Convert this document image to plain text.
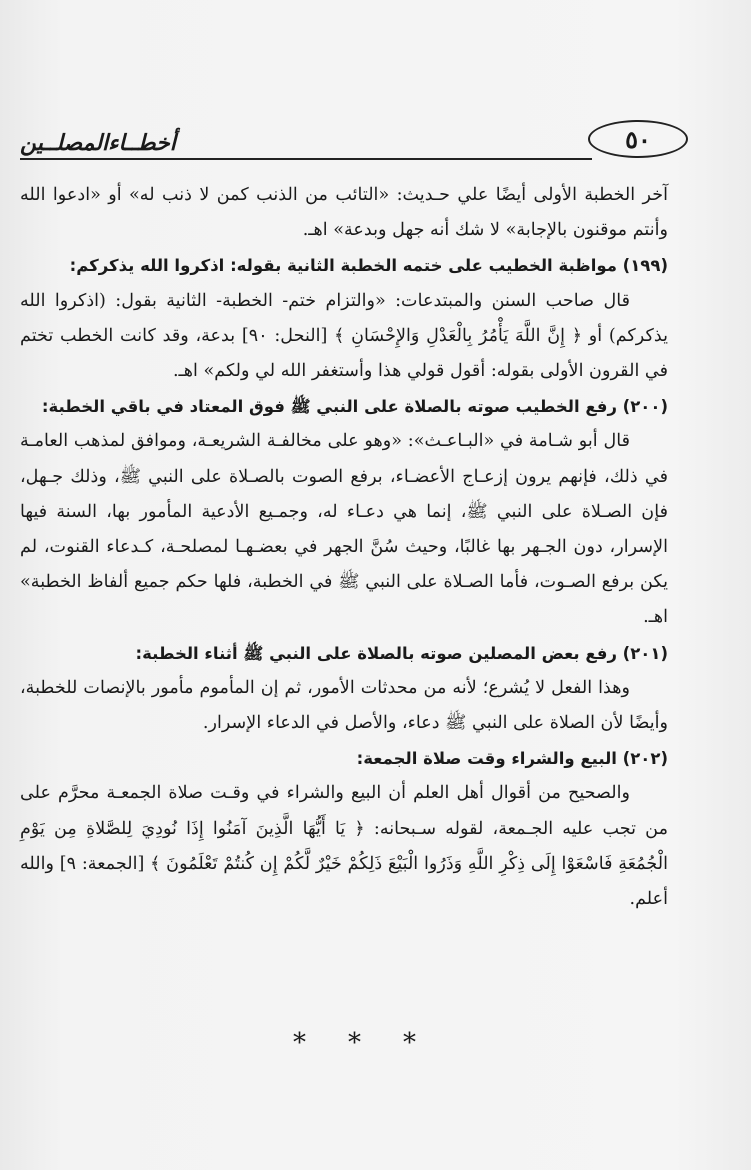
٥٠
أخطــاءالمصلــين

آخر الخطبة الأولى أيضًا علي حـديث: «التائب من الذنب كمن لا ذنب له» أو «ادعوا الله وأنتم موقنون بالإجابة» لا شك أنه جهل وبدعة» اهـ.

(١٩٩) مواظبة الخطيب على ختمه الخطبة الثانية بقوله: اذكروا الله يذكركم:

قال صاحب السنن والمبتدعات: «والتزام ختم- الخطبة- الثانية بقول: (اذكروا الله يذكركم) أو ﴿ إِنَّ اللَّهَ يَأْمُرُ بِالْعَدْلِ وَالإِحْسَانِ ﴾ [النحل: ٩٠] بدعة، وقد كانت الخطب تختم في القرون الأولى بقوله: أقول قولي هذا وأستغفر الله لي ولكم» اهـ.

(٢٠٠) رفع الخطيب صوته بالصلاة على النبي ﷺ فوق المعتاد في باقي الخطبة:

قال أبو شـامة في «البـاعـث»: «وهو على مخالفـة الشريعـة، وموافق لمذهب العامـة في ذلك، فإنهم يرون إزعـاج الأعضـاء، برفع الصوت بالصـلاة على النبي ﷺ، وذلك جـهل، فإن الصـلاة على النبي ﷺ، إنما هي دعـاء له، وجمـيع الأدعية المأمور بها، السنة فيها الإسرار، دون الجـهر بها غالبًا، وحيث سُنَّ الجهر في بعضـهـا لمصلحـة، كـدعاء القنوت، لم يكن برفع الصـوت، فأما الصـلاة على النبي ﷺ في الخطبة، فلها حكم جميع ألفاظ الخطبة» اهـ.

(٢٠١) رفع بعض المصلين صوته بالصلاة على النبي ﷺ أثناء الخطبة:

وهذا الفعل لا يُشرع؛ لأنه من محدثات الأمور، ثم إن المأموم مأمور بالإنصات للخطبة، وأيضًا لأن الصلاة على النبي ﷺ دعاء، والأصل في الدعاء الإسرار.

(٢٠٢) البيع والشراء وقت صلاة الجمعة:

والصحيح من أقوال أهل العلم أن البيع والشراء في وقـت صلاة الجمعـة محرَّم على من تجب عليه الجـمعة، لقوله سـبحانه: ﴿ يَا أَيُّهَا الَّذِينَ آمَنُوا إِذَا نُودِيَ لِلصَّلاةِ مِن يَوْمِ الْجُمُعَةِ فَاسْعَوْا إِلَى ذِكْرِ اللَّهِ وَذَرُوا الْبَيْعَ ذَلِكُمْ خَيْرٌ لَّكُمْ إِن كُنتُمْ تَعْلَمُونَ ﴾ [الجمعة: ٩] والله أعلم.

***
